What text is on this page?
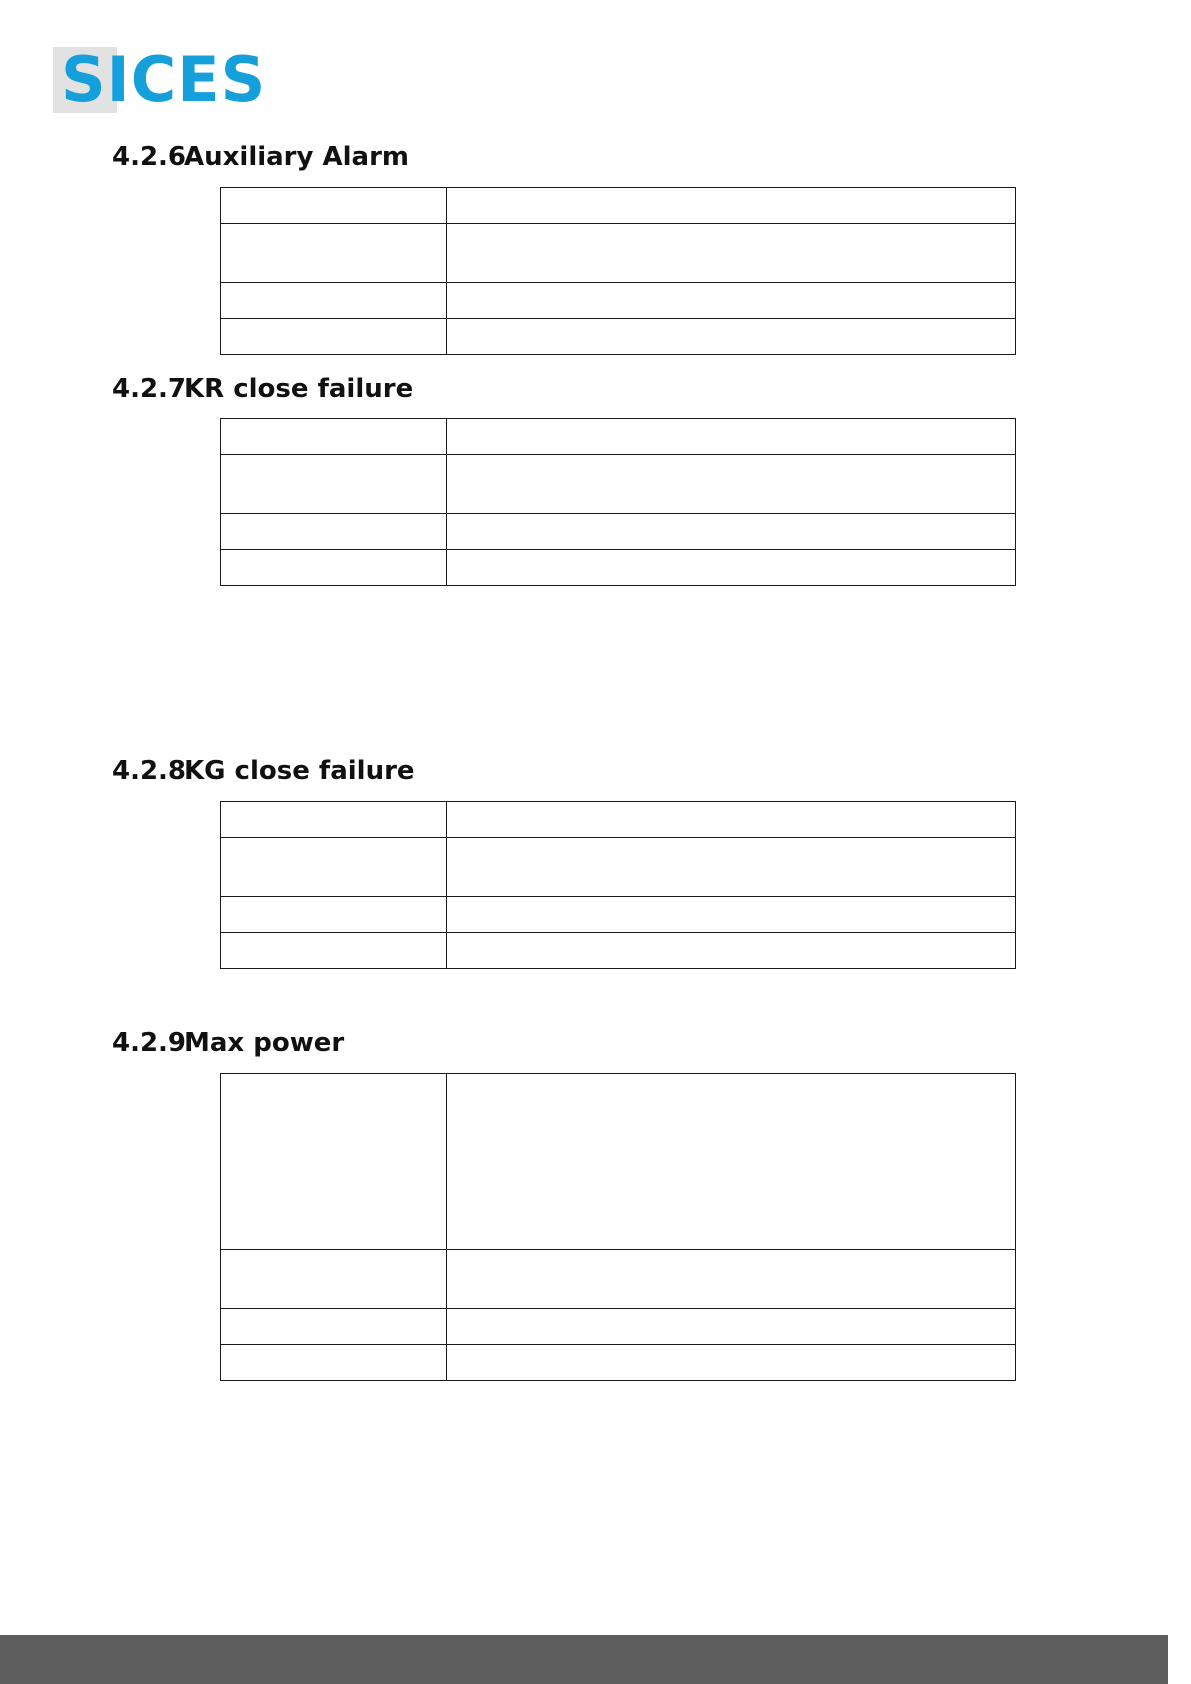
SICES
4.2.6Auxiliary Alarm

4.2.7KR close failure

4.2.8KG close failure

4.2.9Max power
